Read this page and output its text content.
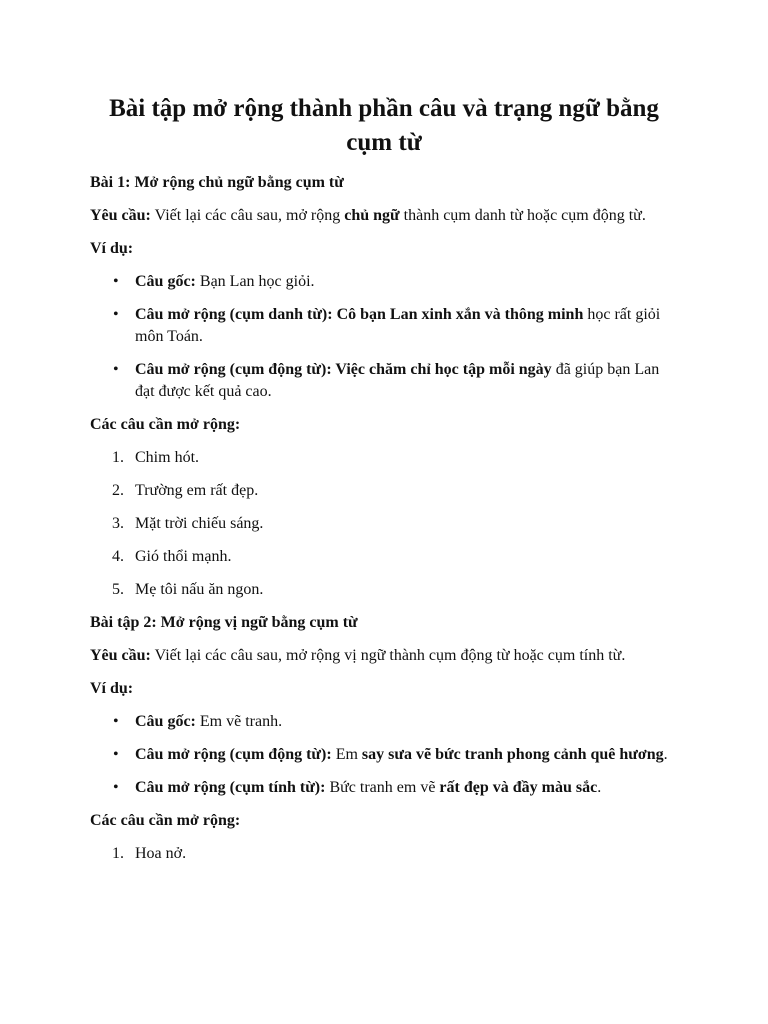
Bài tập mở rộng thành phần câu và trạng ngữ bằng cụm từ
Bài 1: Mở rộng chủ ngữ bằng cụm từ

Yêu cầu: Viết lại các câu sau, mở rộng chủ ngữ thành cụm danh từ hoặc cụm động từ.

Ví dụ:
• Câu gốc: Bạn Lan học giỏi.
• Câu mở rộng (cụm danh từ): Cô bạn Lan xinh xắn và thông minh học rất giỏi môn Toán.
• Câu mở rộng (cụm động từ): Việc chăm chỉ học tập mỗi ngày đã giúp bạn Lan đạt được kết quả cao.
Các câu cần mở rộng:
1. Chim hót.
2. Trường em rất đẹp.
3. Mặt trời chiếu sáng.
4. Gió thổi mạnh.
5. Mẹ tôi nấu ăn ngon.
Bài tập 2: Mở rộng vị ngữ bằng cụm từ

Yêu cầu: Viết lại các câu sau, mở rộng vị ngữ thành cụm động từ hoặc cụm tính từ.

Ví dụ:
• Câu gốc: Em vẽ tranh.
• Câu mở rộng (cụm động từ): Em say sưa vẽ bức tranh phong cảnh quê hương.
• Câu mở rộng (cụm tính từ): Bức tranh em vẽ rất đẹp và đầy màu sắc.
Các câu cần mở rộng:
1. Hoa nở.
